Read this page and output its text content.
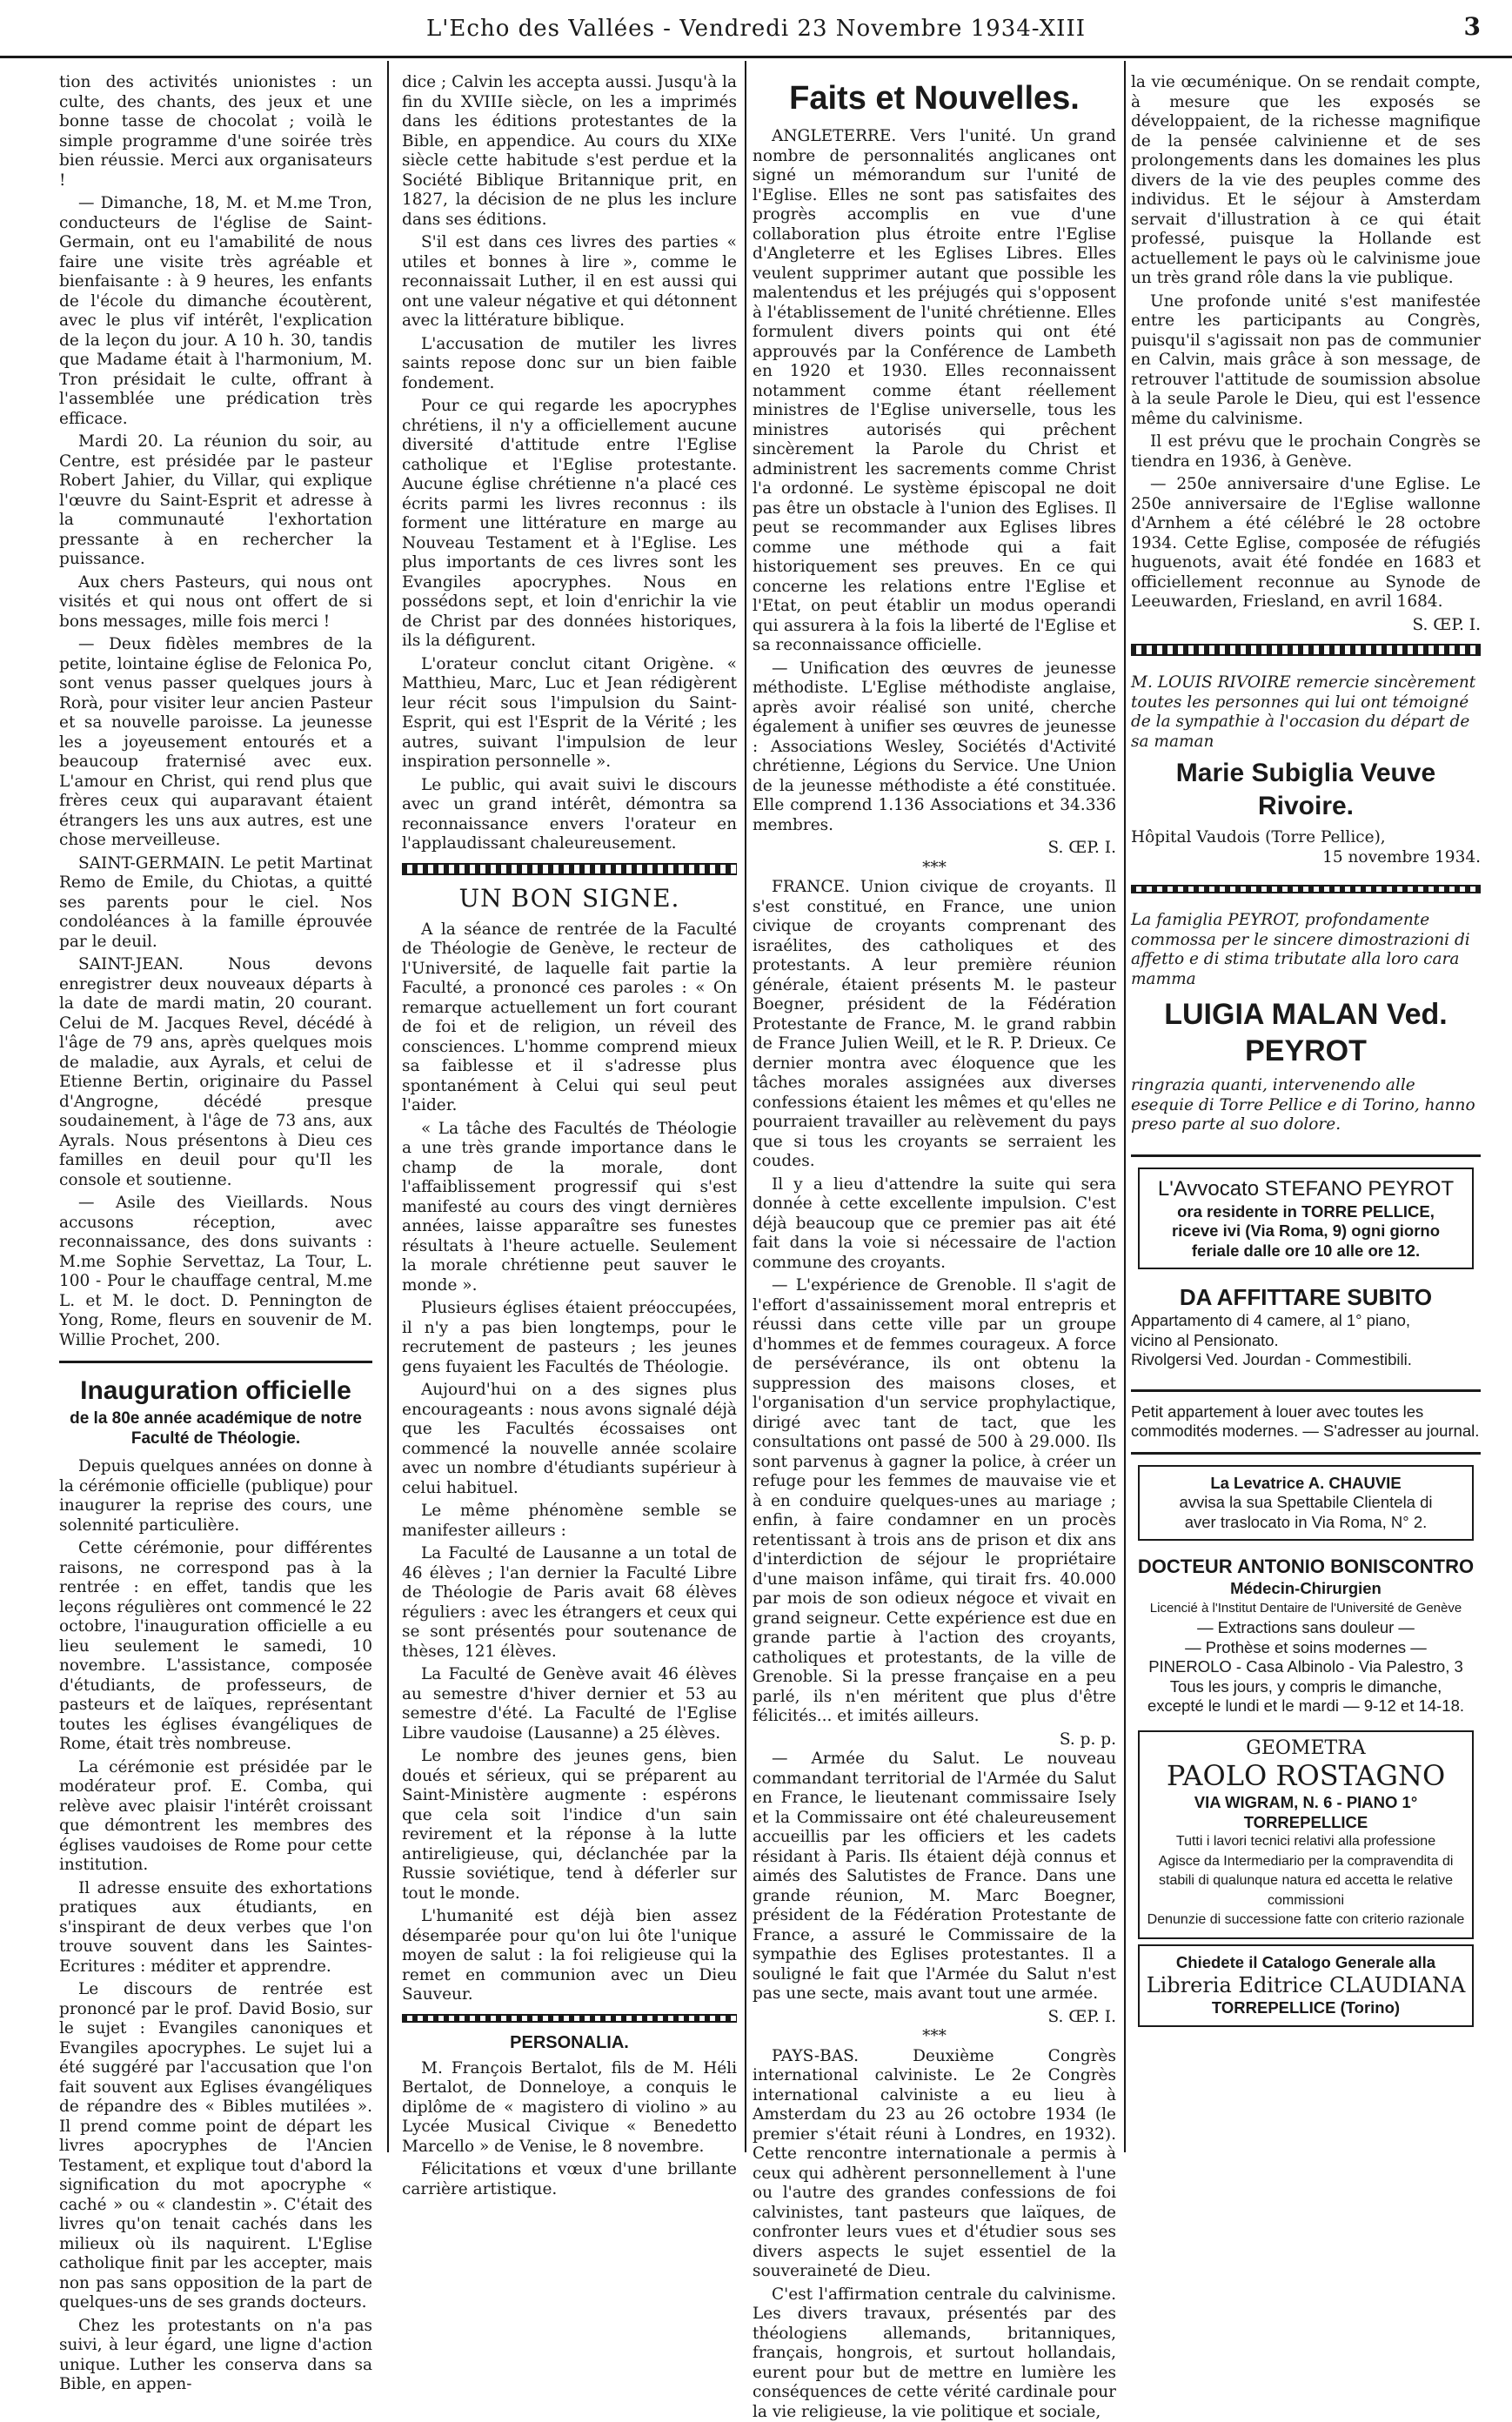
L'Echo des Vallées - Vendredi 23 Novembre 1934-XIII	3

tion des activités unionistes : un culte, des chants, des jeux et une bonne tasse de chocolat ; voilà le simple programme d'une soirée très bien réussie. Merci aux organisateurs !

— Dimanche, 18, M. et M.me Tron, conducteurs de l'église de Saint-Germain, ont eu l'amabilité de nous faire une visite très agréable et bienfaisante : à 9 heures, les enfants de l'école du dimanche écoutèrent, avec le plus vif intérêt, l'explication de la leçon du jour. A 10 h. 30, tandis que Madame était à l'harmonium, M. Tron présidait le culte, offrant à l'assemblée une prédication très efficace.

Mardi 20. La réunion du soir, au Centre, est présidée par le pasteur Robert Jahier, du Villar, qui explique l'œuvre du Saint-Esprit et adresse à la communauté l'exhortation pressante à en rechercher la puissance.

Aux chers Pasteurs, qui nous ont visités et qui nous ont offert de si bons messages, mille fois merci !

— Deux fidèles membres de la petite, lointaine église de Felonica Po, sont venus passer quelques jours à Rorà, pour visiter leur ancien Pasteur et sa nouvelle paroisse. La jeunesse les a joyeusement entourés et a beaucoup fraternisé avec eux. L'amour en Christ, qui rend plus que frères ceux qui auparavant étaient étrangers les uns aux autres, est une chose merveilleuse.

SAINT-GERMAIN. Le petit Martinat Remo de Emile, du Chiotas, a quitté ses parents pour le ciel. Nos condoléances à la famille éprouvée par le deuil.

SAINT-JEAN. Nous devons enregistrer deux nouveaux départs à la date de mardi matin, 20 courant. Celui de M. Jacques Revel, décédé à l'âge de 79 ans, après quelques mois de maladie, aux Ayrals, et celui de Etienne Bertin, originaire du Passel d'Angrogne, décédé presque soudainement, à l'âge de 73 ans, aux Ayrals. Nous présentons à Dieu ces familles en deuil pour qu'Il les console et soutienne.

— Asile des Vieillards. Nous accusons réception, avec reconnaissance, des dons suivants : M.me Sophie Servettaz, La Tour, L. 100 - Pour le chauffage central, M.me L. et M. le doct. D. Pennington de Yong, Rome, fleurs en souvenir de M. Willie Prochet, 200.

Inauguration officielle
de la 80e année académique de notre Faculté de Théologie.

Depuis quelques années on donne à la cérémonie officielle (publique) pour inaugurer la reprise des cours, une solennité particulière.

Cette cérémonie, pour différentes raisons, ne correspond pas à la rentrée : en effet, tandis que les leçons régulières ont commencé le 22 octobre, l'inauguration officielle a eu lieu seulement le samedi, 10 novembre. L'assistance, composée d'étudiants, de professeurs, de pasteurs et de laïques, représentant toutes les églises évangéliques de Rome, était très nombreuse.

La cérémonie est présidée par le modérateur prof. E. Comba, qui relève avec plaisir l'intérêt croissant que démontrent les membres des églises vaudoises de Rome pour cette institution.

Il adresse ensuite des exhortations pratiques aux étudiants, en s'inspirant de deux verbes que l'on trouve souvent dans les Saintes-Ecritures : méditer et apprendre.

Le discours de rentrée est prononcé par le prof. David Bosio, sur le sujet : Evangiles canoniques et Evangiles apocryphes. Le sujet lui a été suggéré par l'accusation que l'on fait souvent aux Eglises évangéliques de répandre des « Bibles mutilées ». Il prend comme point de départ les livres apocryphes de l'Ancien Testament, et explique tout d'abord la signification du mot apocryphe « caché » ou « clandestin ». C'était des livres qu'on tenait cachés dans les milieux où ils naquirent. L'Eglise catholique finit par les accepter, mais non pas sans opposition de la part de quelques-uns de ses grands docteurs.

Chez les protestants on n'a pas suivi, à leur égard, une ligne d'action unique. Luther les conserva dans sa Bible, en appen-

dice ; Calvin les accepta aussi. Jusqu'à la fin du XVIIIe siècle, on les a imprimés dans les éditions protestantes de la Bible, en appendice. Au cours du XIXe siècle cette habitude s'est perdue et la Société Biblique Britannique prit, en 1827, la décision de ne plus les inclure dans ses éditions.

S'il est dans ces livres des parties « utiles et bonnes à lire », comme le reconnaissait Luther, il en est aussi qui ont une valeur négative et qui détonnent avec la littérature biblique.

L'accusation de mutiler les livres saints repose donc sur un bien faible fondement.

Pour ce qui regarde les apocryphes chrétiens, il n'y a officiellement aucune diversité d'attitude entre l'Eglise catholique et l'Eglise protestante. Aucune église chrétienne n'a placé ces écrits parmi les livres reconnus : ils forment une littérature en marge au Nouveau Testament et à l'Eglise. Les plus importants de ces livres sont les Evangiles apocryphes. Nous en possédons sept, et loin d'enrichir la vie de Christ par des données historiques, ils la défigurent.

L'orateur conclut citant Origène. « Matthieu, Marc, Luc et Jean rédigèrent leur récit sous l'impulsion du Saint-Esprit, qui est l'Esprit de la Vérité ; les autres, suivant l'impulsion de leur inspiration personnelle ».

Le public, qui avait suivi le discours avec un grand intérêt, démontra sa reconnaissance envers l'orateur en l'applaudissant chaleureusement.

UN BON SIGNE.

A la séance de rentrée de la Faculté de Théologie de Genève, le recteur de l'Université, de laquelle fait partie la Faculté, a prononcé ces paroles : « On remarque actuellement un fort courant de foi et de religion, un réveil des consciences. L'homme comprend mieux sa faiblesse et il s'adresse plus spontanément à Celui qui seul peut l'aider.

« La tâche des Facultés de Théologie a une très grande importance dans le champ de la morale, dont l'affaiblissement progressif qui s'est manifesté au cours des vingt dernières années, laisse apparaître ses funestes résultats à l'heure actuelle. Seulement la morale chrétienne peut sauver le monde ».

Plusieurs églises étaient préoccupées, il n'y a pas bien longtemps, pour le recrutement de pasteurs ; les jeunes gens fuyaient les Facultés de Théologie.

Aujourd'hui on a des signes plus encourageants : nous avons signalé déjà que les Facultés écossaises ont commencé la nouvelle année scolaire avec un nombre d'étudiants supérieur à celui habituel.

Le même phénomène semble se manifester ailleurs :

La Faculté de Lausanne a un total de 46 élèves ; l'an dernier la Faculté Libre de Théologie de Paris avait 68 élèves réguliers : avec les étrangers et ceux qui se sont présentés pour soutenance de thèses, 121 élèves.

La Faculté de Genève avait 46 élèves au semestre d'hiver dernier et 53 au semestre d'été. La Faculté de l'Eglise Libre vaudoise (Lausanne) a 25 élèves.

Le nombre des jeunes gens, bien doués et sérieux, qui se préparent au Saint-Ministère augmente : espérons que cela soit l'indice d'un sain revirement et la réponse à la lutte antireligieuse, qui, déclanchée par la Russie soviétique, tend à déferler sur tout le monde.

L'humanité est déjà bien assez désemparée pour qu'on lui ôte l'unique moyen de salut : la foi religieuse qui la remet en communion avec un Dieu Sauveur.

PERSONALIA.

M. François Bertalot, fils de M. Héli Bertalot, de Donneloye, a conquis le diplôme de « magistero di violino » au Lycée Musical Civique « Benedetto Marcello » de Venise, le 8 novembre.

Félicitations et vœux d'une brillante carrière artistique.

Faits et Nouvelles.

ANGLETERRE. Vers l'unité. Un grand nombre de personnalités anglicanes ont signé un mémorandum sur l'unité de l'Eglise. Elles ne sont pas satisfaites des progrès accomplis en vue d'une collaboration plus étroite entre l'Eglise d'Angleterre et les Eglises Libres. Elles veulent supprimer autant que possible les malentendus et les préjugés qui s'opposent à l'établissement de l'unité chrétienne. Elles formulent divers points qui ont été approuvés par la Conférence de Lambeth en 1920 et 1930. Elles reconnaissent notamment comme étant réellement ministres de l'Eglise universelle, tous les ministres autorisés qui prêchent sincèrement la Parole du Christ et administrent les sacrements comme Christ l'a ordonné. Le système épiscopal ne doit pas être un obstacle à l'union des Eglises. Il peut se recommander aux Eglises libres comme une méthode qui a fait historiquement ses preuves. En ce qui concerne les relations entre l'Eglise et l'Etat, on peut établir un modus operandi qui assurera à la fois la liberté de l'Eglise et sa reconnaissance officielle.

— Unification des œuvres de jeunesse méthodiste. L'Eglise méthodiste anglaise, après avoir réalisé son unité, cherche également à unifier ses œuvres de jeunesse : Associations Wesley, Sociétés d'Activité chrétienne, Légions du Service. Une Union de la jeunesse méthodiste a été constituée. Elle comprend 1.136 Associations et 34.336 membres.

S. ŒP. I.
***

FRANCE. Union civique de croyants. Il s'est constitué, en France, une union civique de croyants comprenant des israélites, des catholiques et des protestants. A leur première réunion générale, étaient présents M. le pasteur Boegner, président de la Fédération Protestante de France, M. le grand rabbin de France Julien Weill, et le R. P. Drieux. Ce dernier montra avec éloquence que les tâches morales assignées aux diverses confessions étaient les mêmes et qu'elles ne pourraient travailler au relèvement du pays que si tous les croyants se serraient les coudes.

Il y a lieu d'attendre la suite qui sera donnée à cette excellente impulsion. C'est déjà beaucoup que ce premier pas ait été fait dans la voie si nécessaire de l'action commune des croyants.

— L'expérience de Grenoble. Il s'agit de l'effort d'assainissement moral entrepris et réussi dans cette ville par un groupe d'hommes et de femmes courageux. A force de persévérance, ils ont obtenu la suppression des maisons closes, et l'organisation d'un service prophylactique, dirigé avec tant de tact, que les consultations ont passé de 500 à 29.000. Ils sont parvenus à gagner la police, à créer un refuge pour les femmes de mauvaise vie et à en conduire quelques-unes au mariage ; enfin, à faire condamner en un procès retentissant à trois ans de prison et dix ans d'interdiction de séjour le propriétaire d'une maison infâme, qui tirait frs. 40.000 par mois de son odieux négoce et vivait en grand seigneur. Cette expérience est due en grande partie à l'action des croyants, catholiques et protestants, de la ville de Grenoble. Si la presse française en a peu parlé, ils n'en méritent que plus d'être félicités... et imités ailleurs.

S. p. p.

— Armée du Salut. Le nouveau commandant territorial de l'Armée du Salut en France, le lieutenant commissaire Isely et la Commissaire ont été chaleureusement accueillis par les officiers et les cadets résidant à Paris. Ils étaient déjà connus et aimés des Salutistes de France. Dans une grande réunion, M. Marc Boegner, président de la Fédération Protestante de France, a assuré le Commissaire de la sympathie des Eglises protestantes. Il a souligné le fait que l'Armée du Salut n'est pas une secte, mais avant tout une armée.

S. ŒP. I.
***

PAYS-BAS. Deuxième Congrès international calviniste. Le 2e Congrès international calviniste a eu lieu à Amsterdam du 23 au 26 octobre 1934 (le premier s'était réuni à Londres, en 1932). Cette rencontre internationale a permis à ceux qui adhèrent personnellement à l'une ou l'autre des grandes confessions de foi calvinistes, tant pasteurs que laïques, de confronter leurs vues et d'étudier sous ses divers aspects le sujet essentiel de la souveraineté de Dieu.

C'est l'affirmation centrale du calvinisme. Les divers travaux, présentés par des théologiens allemands, britanniques, français, hongrois, et surtout hollandais, eurent pour but de mettre en lumière les conséquences de cette vérité cardinale pour la vie religieuse, la vie politique et sociale,

la vie œcuménique. On se rendait compte, à mesure que les exposés se développaient, de la richesse magnifique de la pensée calvinienne et de ses prolongements dans les domaines les plus divers de la vie des peuples comme des individus. Et le séjour à Amsterdam servait d'illustration à ce qui était professé, puisque la Hollande est actuellement le pays où le calvinisme joue un très grand rôle dans la vie publique.

Une profonde unité s'est manifestée entre les participants au Congrès, puisqu'il s'agissait non pas de communier en Calvin, mais grâce à son message, de retrouver l'attitude de soumission absolue à la seule Parole le Dieu, qui est l'essence même du calvinisme.

Il est prévu que le prochain Congrès se tiendra en 1936, à Genève.

— 250e anniversaire d'une Eglise. Le 250e anniversaire de l'Eglise wallonne d'Arnhem a été célébré le 28 octobre 1934. Cette Eglise, composée de réfugiés huguenots, avait été fondée en 1683 et officiellement reconnue au Synode de Leeuwarden, Friesland, en avril 1684.

S. ŒP. I.
M. LOUIS RIVOIRE remercie sincèrement toutes les personnes qui lui ont témoigné de la sympathie à l'occasion du départ de sa maman
Marie Subiglia Veuve Rivoire.
Hôpital Vaudois (Torre Pellice),
15 novembre 1934.
La famiglia PEYROT, profondamente commossa per le sincere dimostrazioni di affetto e di stima tributate alla loro cara mamma
LUIGIA MALAN Ved. PEYROT
ringrazia quanti, intervenendo alle esequie di Torre Pellice e di Torino, hanno preso parte al suo dolore.
L'Avvocato STEFANO PEYROT
ora residente in TORRE PELLICE,
riceve ivi (Via Roma, 9) ogni giorno
feriale dalle ore 10 alle ore 12.
DA AFFITTARE SUBITO
Appartamento di 4 camere, al 1° piano,
vicino al Pensionato.
Rivolgersi Ved. Jourdan - Commestibili.
Petit appartement à louer avec toutes les commodités modernes. — S'adresser au journal.
La Levatrice A. CHAUVIE
avvisa la sua Spettabile Clientela di
aver traslocato in Via Roma, N° 2.
DOCTEUR ANTONIO BONISCONTRO
Médecin-Chirurgien
Licencié à l'Institut Dentaire de l'Université de Genève
— Extractions sans douleur —
— Prothèse et soins modernes —
PINEROLO - Casa Albinolo - Via Palestro, 3
Tous les jours, y compris le dimanche,
excepté le lundi et le mardi — 9-12 et 14-18.
GEOMETRA
PAOLO ROSTAGNO
VIA WIGRAM, N. 6 - PIANO 1°
TORREPELLICE
Tutti i lavori tecnici relativi alla professione
Agisce da Intermediario per la compravendita di stabili di qualunque natura ed accetta le relative commissioni
Denunzie di successione fatte con criterio razionale
Chiedete il Catalogo Generale alla
Libreria Editrice CLAUDIANA
TORREPELLICE (Torino)
